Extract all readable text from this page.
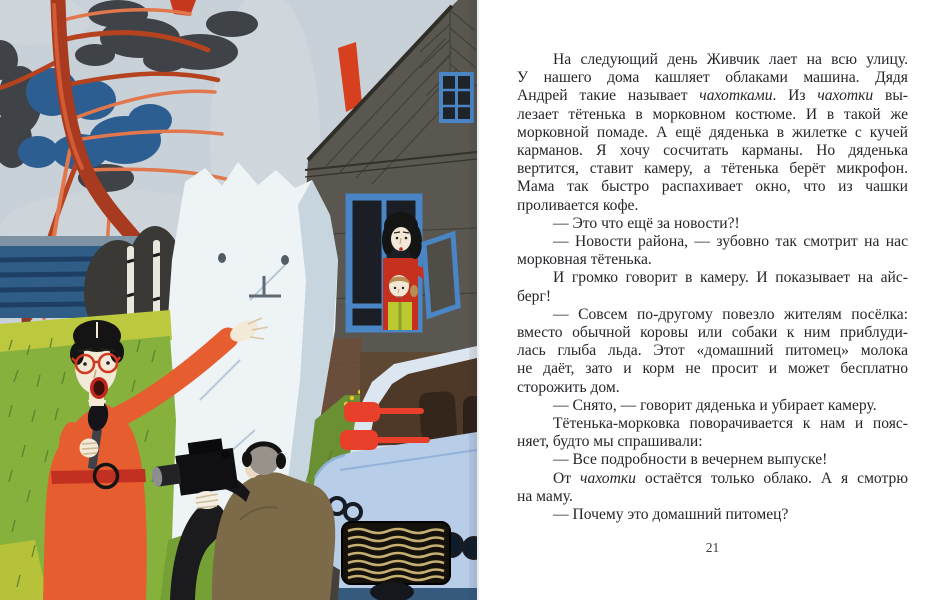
На следующий день Живчик лает на всю улицу.
У нашего дома кашляет облаками машина. Дядя
Андрей такие называет чахотками. Из чахотки вы-
лезает тётенька в морковном костюме. И в такой же
морковной помаде. А ещё дяденька в жилетке с кучей
карманов. Я хочу сосчитать карманы. Но дяденька
вертится, ставит камеру, а тётенька берёт микрофон.
Мама так быстро распахивает окно, что из чашки
проливается кофе.
— Это что ещё за новости?!
— Новости района, — зубовно так смотрит на нас
морковная тётенька.
И громко говорит в камеру. И показывает на айс-
берг!
— Совсем по-другому повезло жителям посёлка:
вместо обычной коровы или собаки к ним приблуди-
лась глыба льда. Этот «домашний питомец» молока
не даёт, зато и корм не просит и может бесплатно
сторожить дом.
— Снято, — говорит дяденька и убирает камеру.
Тётенька-морковка поворачивается к нам и пояс-
няет, будто мы спрашивали:
— Все подробности в вечернем выпуске!
От чахотки остаётся только облако. А я смотрю
на маму.
— Почему это домашний питомец?
21
